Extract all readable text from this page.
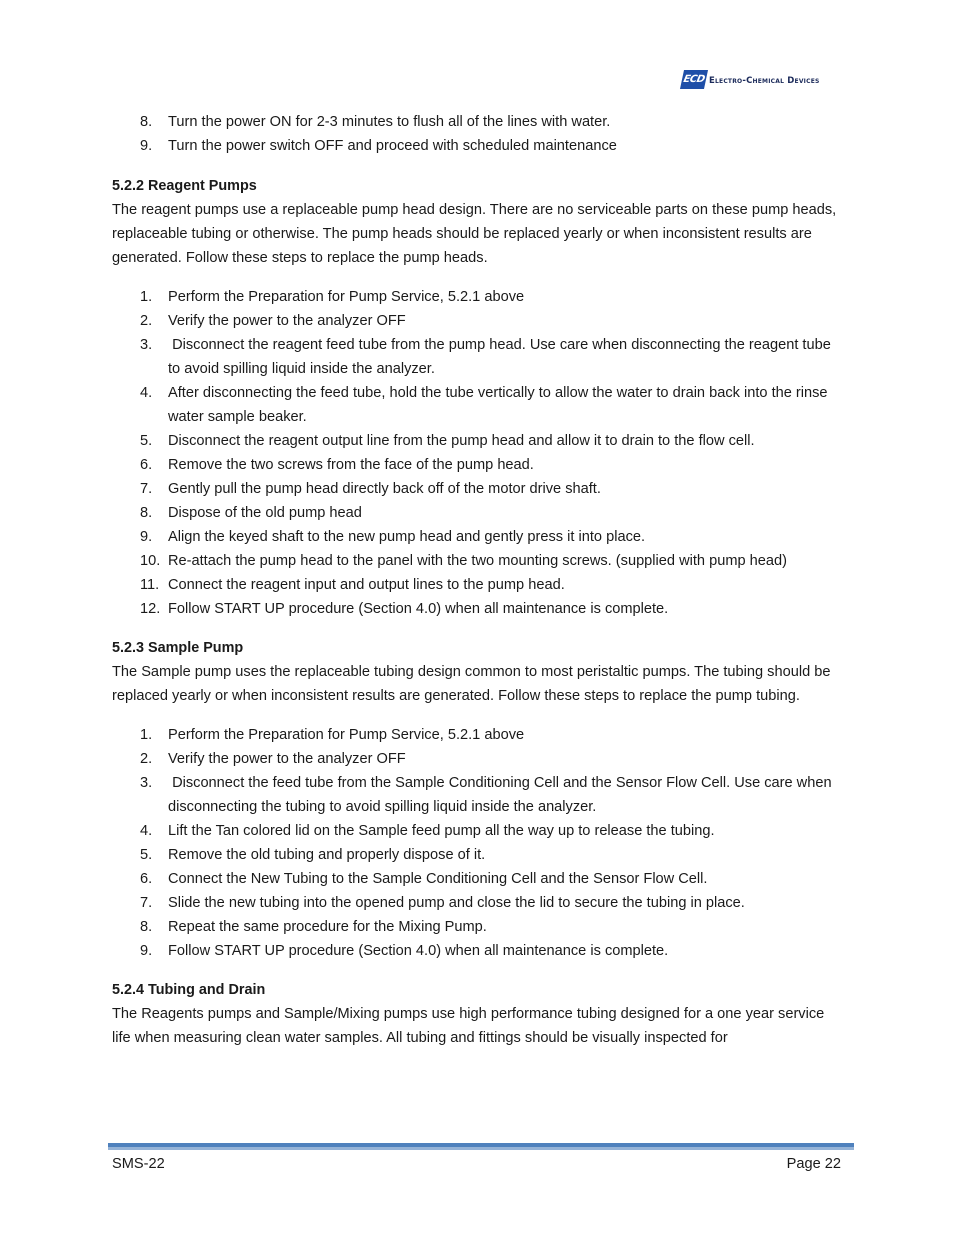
ECD Electro-Chemical Devices
8.	Turn the power ON for 2-3 minutes to flush all of the lines with water.
9.	Turn the power switch OFF and proceed with scheduled maintenance
5.2.2 Reagent Pumps

The reagent pumps use a replaceable pump head design. There are no serviceable parts on these pump heads, replaceable tubing or otherwise. The pump heads should be replaced yearly or when inconsistent results are generated. Follow these steps to replace the pump heads.

1.	Perform the Preparation for Pump Service, 5.2.1 above
2.	Verify the power to the analyzer OFF
3.	Disconnect the reagent feed tube from the pump head. Use care when disconnecting the reagent tube to avoid spilling liquid inside the analyzer.
4.	After disconnecting the feed tube, hold the tube vertically to allow the water to drain back into the rinse water sample beaker.
5.	Disconnect the reagent output line from the pump head and allow it to drain to the flow cell.
6.	Remove the two screws from the face of the pump head.
7.	Gently pull the pump head directly back off of the motor drive shaft.
8.	Dispose of the old pump head
9.	Align the keyed shaft to the new pump head and gently press it into place.
10. Re-attach the pump head to the panel with the two mounting screws. (supplied with pump head)
11. Connect the reagent input and output lines to the pump head.
12. Follow START UP procedure (Section 4.0) when all maintenance is complete.
5.2.3 Sample Pump

The Sample pump uses the replaceable tubing design common to most peristaltic pumps. The tubing should be replaced yearly or when inconsistent results are generated. Follow these steps to replace the pump tubing.

1.	Perform the Preparation for Pump Service, 5.2.1 above
2.	Verify the power to the analyzer OFF
3.	Disconnect the feed tube from the Sample Conditioning Cell and the Sensor Flow Cell. Use care when disconnecting the tubing to avoid spilling liquid inside the analyzer.
4.	Lift the Tan colored lid on the Sample feed pump all the way up to release the tubing.
5.	Remove the old tubing and properly dispose of it.
6.	Connect the New Tubing to the Sample Conditioning Cell and the Sensor Flow Cell.
7.	Slide the new tubing into the opened pump and close the lid to secure the tubing in place.
8.	Repeat the same procedure for the Mixing Pump.
9.	Follow START UP procedure (Section 4.0) when all maintenance is complete.
5.2.4 Tubing and Drain

The Reagents pumps and Sample/Mixing pumps use high performance tubing designed for a one year service life when measuring clean water samples. All tubing and fittings should be visually inspected for

SMS-22	Page 22
